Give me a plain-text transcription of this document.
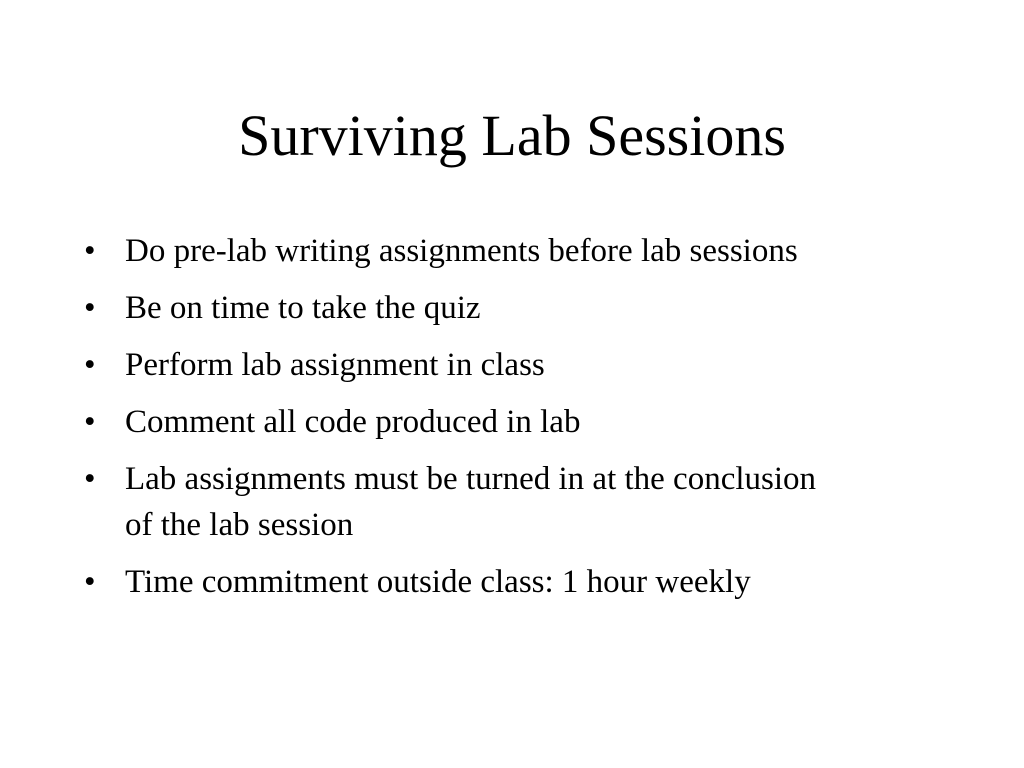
Surviving Lab Sessions
• Do pre-lab writing assignments before lab sessions
• Be on time to take the quiz
• Perform lab assignment in class
• Comment all code produced in lab
• Lab assignments must be turned in at the conclusion of the lab session
• Time commitment outside class: 1 hour weekly
